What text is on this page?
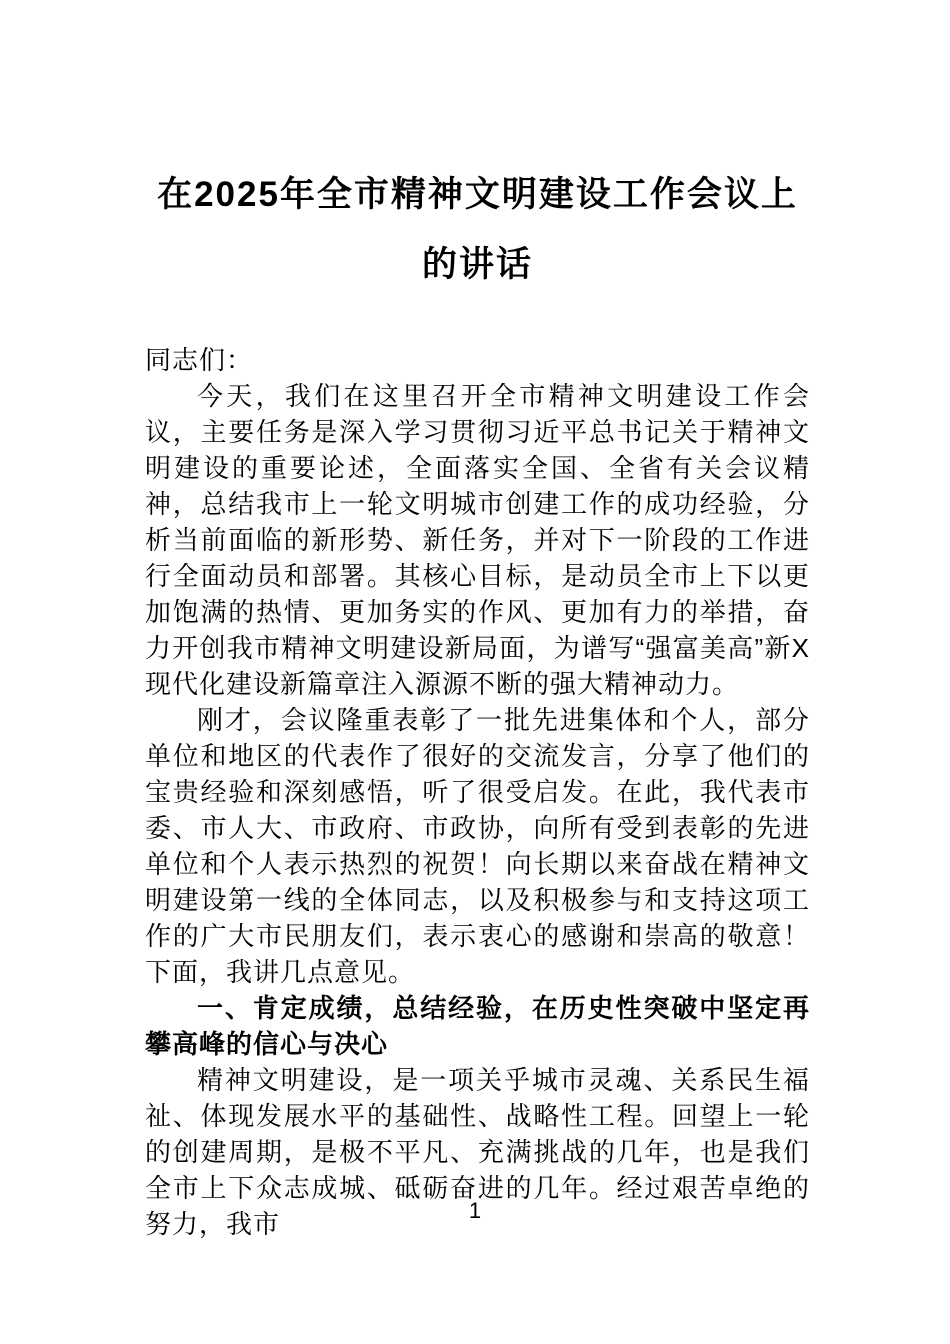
在2025年全市精神文明建设工作会议上的讲话

同志们：

今天，我们在这里召开全市精神文明建设工作会议，主要任务是深入学习贯彻习近平总书记关于精神文明建设的重要论述，全面落实全国、全省有关会议精神，总结我市上一轮文明城市创建工作的成功经验，分析当前面临的新形势、新任务，并对下一阶段的工作进行全面动员和部署。其核心目标，是动员全市上下以更加饱满的热情、更加务实的作风、更加有力的举措，奋力开创我市精神文明建设新局面，为谱写“强富美高”新X现代化建设新篇章注入源源不断的强大精神动力。

刚才，会议隆重表彰了一批先进集体和个人，部分单位和地区的代表作了很好的交流发言，分享了他们的宝贵经验和深刻感悟，听了很受启发。在此，我代表市委、市人大、市政府、市政协，向所有受到表彰的先进单位和个人表示热烈的祝贺！向长期以来奋战在精神文明建设第一线的全体同志，以及积极参与和支持这项工作的广大市民朋友们，表示衷心的感谢和崇高的敬意！下面，我讲几点意见。

一、肯定成绩，总结经验，在历史性突破中坚定再攀高峰的信心与决心

精神文明建设，是一项关乎城市灵魂、关系民生福祉、体现发展水平的基础性、战略性工程。回望上一轮的创建周期，是极不平凡、充满挑战的几年，也是我们全市上下众志成城、砥砺奋进的几年。经过艰苦卓绝的努力，我市	1
